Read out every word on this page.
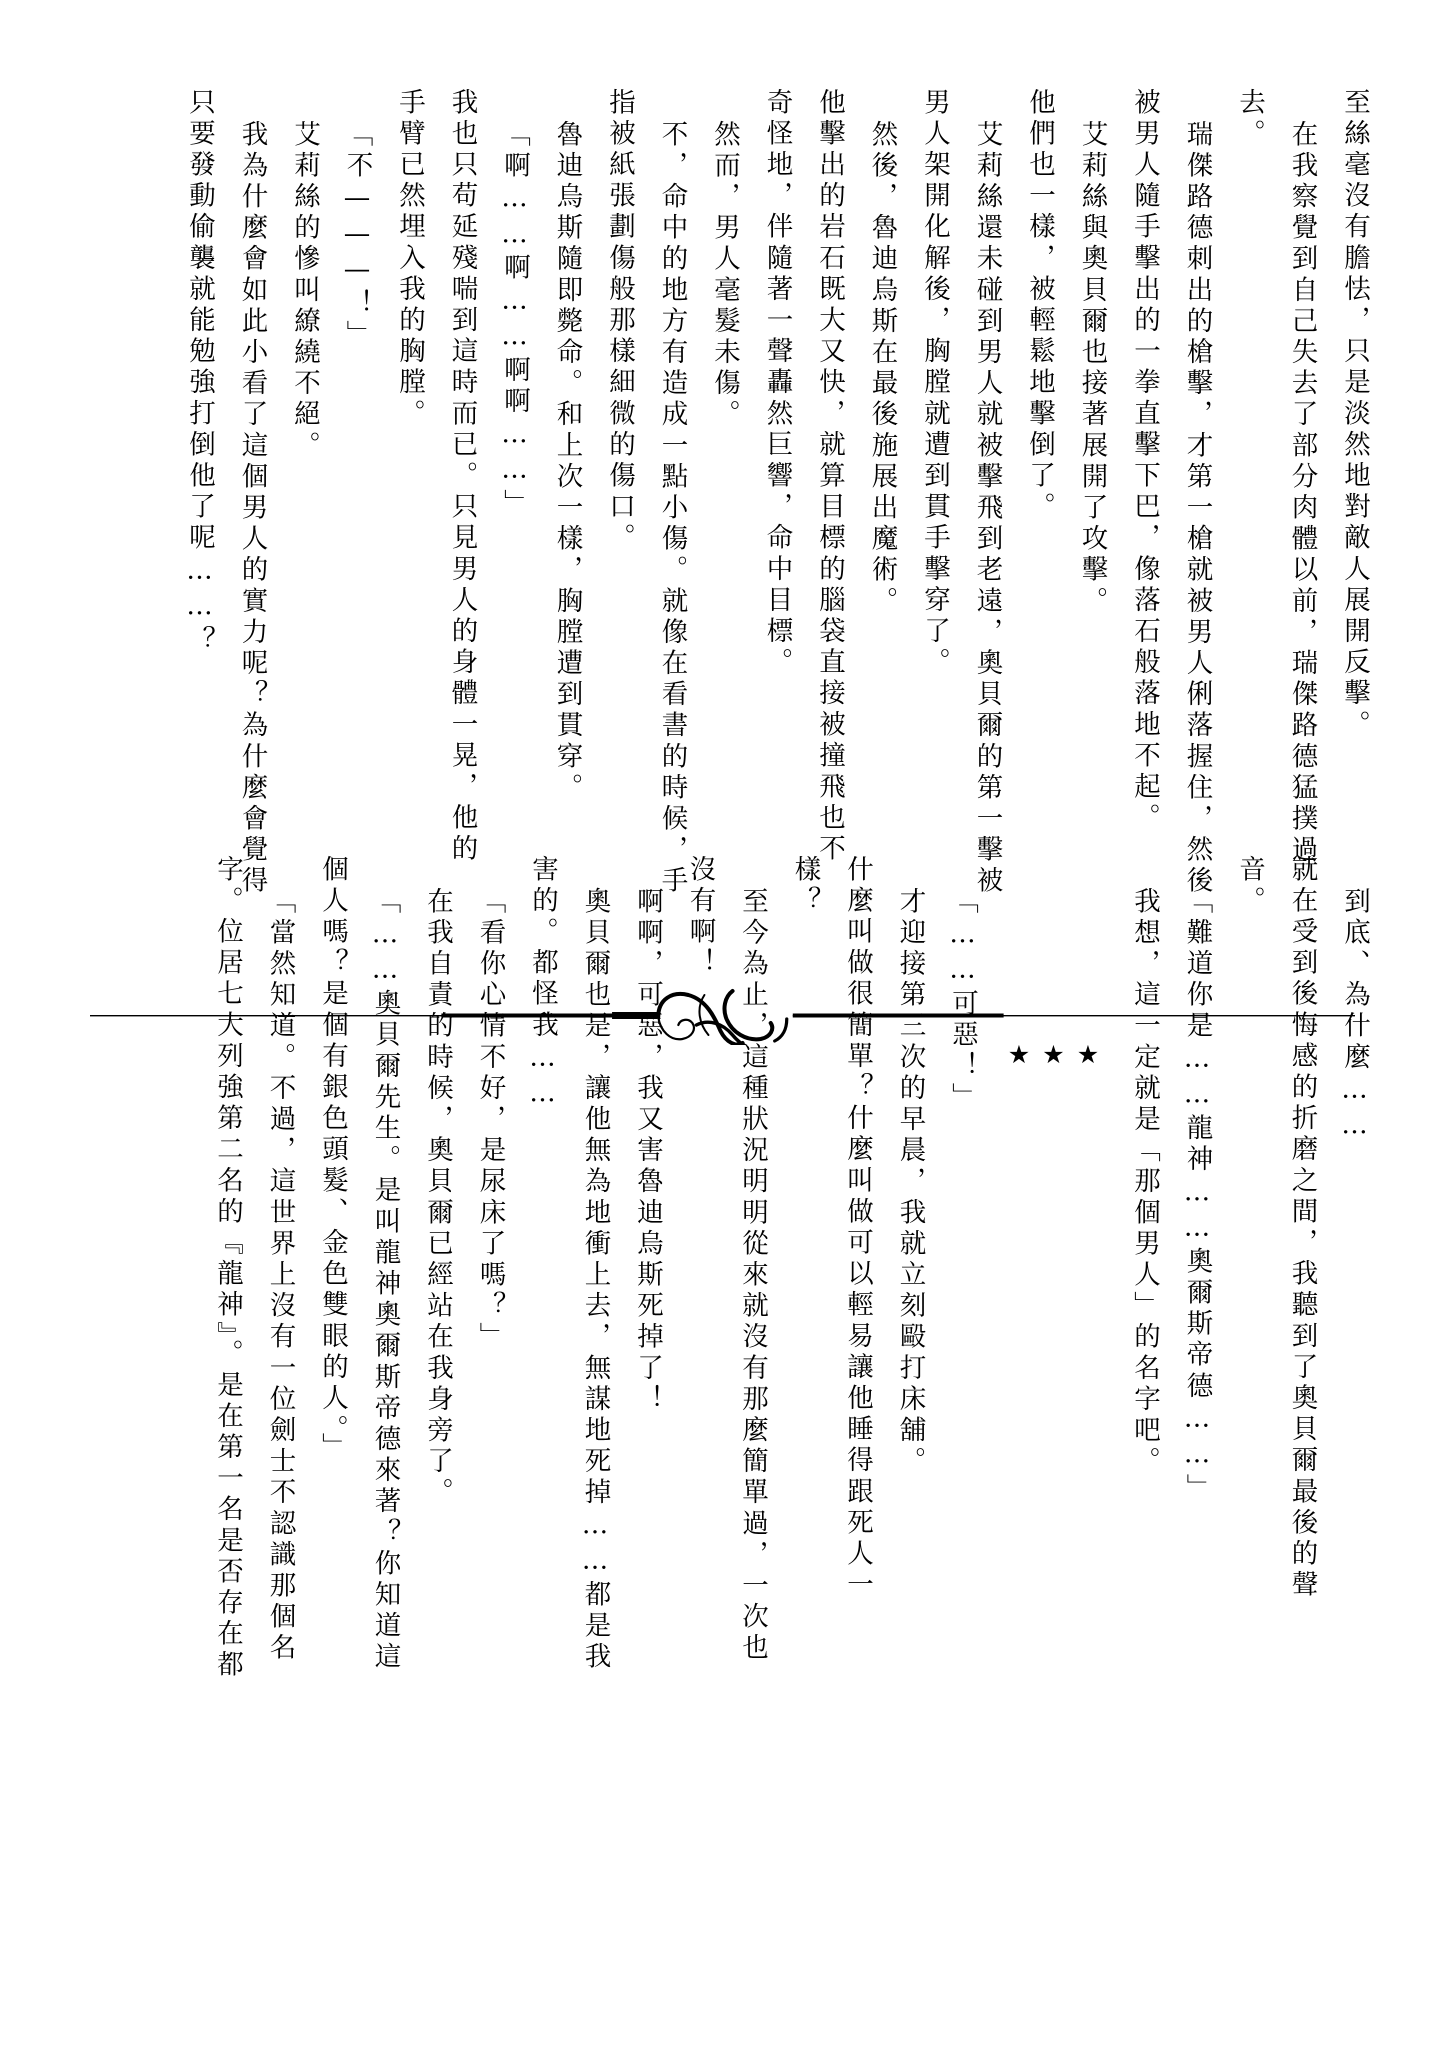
至絲毫沒有膽怯，只是淡然地對敵人展開反擊。
在我察覺到自己失去了部分肉體以前，瑞傑路德猛撲過
去。
瑞傑路德刺出的槍擊，才第一槍就被男人俐落握住，然後
被男人隨手擊出的一拳直擊下巴，像落石般落地不起。
艾莉絲與奧貝爾也接著展開了攻擊。
他們也一樣，被輕鬆地擊倒了。
艾莉絲還未碰到男人就被擊飛到老遠，奧貝爾的第一擊被
男人架開化解後，胸膛就遭到貫手擊穿了。
然後，魯迪烏斯在最後施展出魔術。
他擊出的岩石既大又快，就算目標的腦袋直接被撞飛也不
奇怪地，伴隨著一聲轟然巨響，命中目標。
然而，男人毫髮未傷。
不，命中的地方有造成一點小傷。就像在看書的時候，手
指被紙張劃傷般那樣細微的傷口。
魯迪烏斯隨即斃命。和上次一樣，胸膛遭到貫穿。
「啊……啊……啊啊……」
我也只苟延殘喘到這時而已。只見男人的身體一晃，他的
手臂已然埋入我的胸膛。
「不———！」
艾莉絲的慘叫繚繞不絕。
我為什麼會如此小看了這個男人的實力呢？為什麼會覺得
只要發動偷襲就能勉強打倒他了呢……？
到底、為什麼……
就在受到後悔感的折磨之間，我聽到了奧貝爾最後的聲
音。
「難道你是……龍神……奧爾斯帝德……」
我想，這一定就是「那個男人」的名字吧。
★
★
★
「……可惡！」
才迎接第三次的早晨，我就立刻毆打床舖。
什麼叫做很簡單？什麼叫做可以輕易讓他睡得跟死人一
樣？
至今為止，這種狀況明明從來就沒有那麼簡單過，一次也
沒有啊！
啊啊，可惡，我又害魯迪烏斯死掉了！
奧貝爾也是，讓他無為地衝上去，無謀地死掉……都是我
害的。都怪我……
「看你心情不好，是尿床了嗎？」
在我自責的時候，奧貝爾已經站在我身旁了。
「……奧貝爾先生。是叫龍神奧爾斯帝德來著？你知道這
個人嗎？是個有銀色頭髮、金色雙眼的人。」
「當然知道。不過，這世界上沒有一位劍士不認識那個名
字。位居七大列強第二名的『龍神』。是在第一名是否存在都
